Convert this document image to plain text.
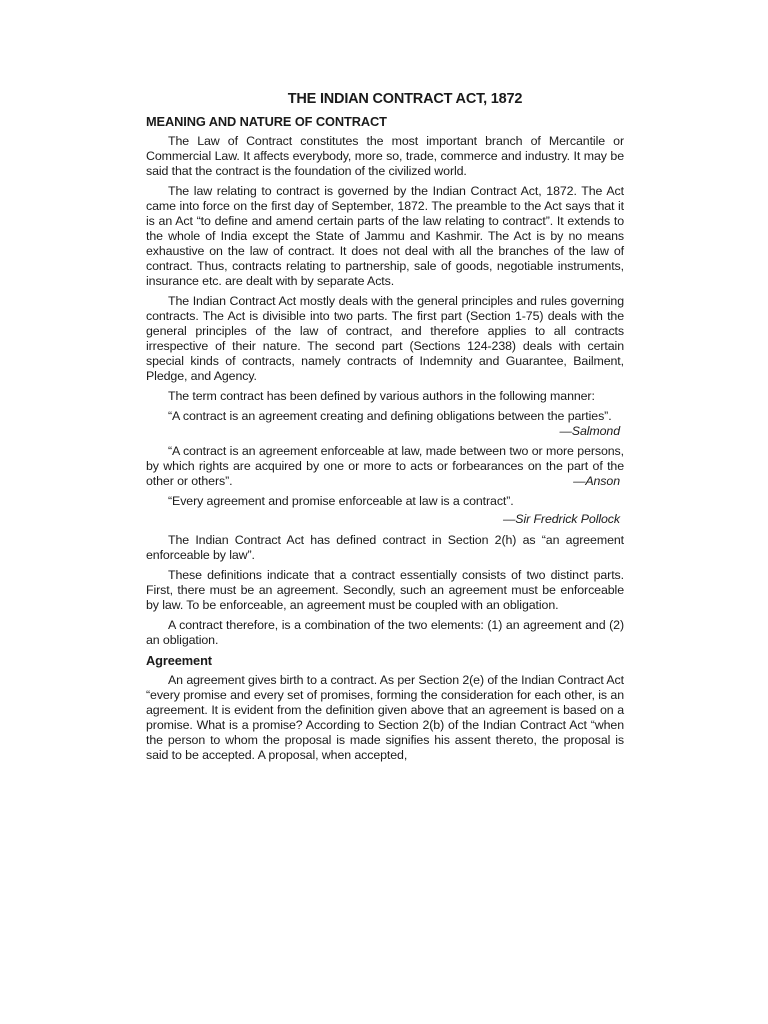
THE INDIAN CONTRACT ACT, 1872
MEANING AND NATURE OF CONTRACT

The Law of Contract constitutes the most important branch of Mercantile or Commercial Law. It affects everybody, more so, trade, commerce and industry. It may be said that the contract is the foundation of the civilized world.

The law relating to contract is governed by the Indian Contract Act, 1872. The Act came into force on the first day of September, 1872. The preamble to the Act says that it is an Act “to define and amend certain parts of the law relating to contract”. It extends to the whole of India except the State of Jammu and Kashmir. The Act is by no means exhaustive on the law of contract. It does not deal with all the branches of the law of contract. Thus, contracts relating to partnership, sale of goods, negotiable instruments, insurance etc. are dealt with by separate Acts.

The Indian Contract Act mostly deals with the general principles and rules governing contracts. The Act is divisible into two parts. The first part (Section 1-75) deals with the general principles of the law of contract, and therefore applies to all contracts irrespective of their nature. The second part (Sections 124-238) deals with certain special kinds of contracts, namely contracts of Indemnity and Guarantee, Bailment, Pledge, and Agency.

The term contract has been defined by various authors in the following manner:

“A contract is an agreement creating and defining obligations between the parties”.
—Salmond
“A contract is an agreement enforceable at law, made between two or more persons, by which rights are acquired by one or more to acts or forbearances on the part of the other or others”.	—Anson
“Every agreement and promise enforceable at law is a contract”.
—Sir Fredrick Pollock

The Indian Contract Act has defined contract in Section 2(h) as “an agreement enforceable by law”.

These definitions indicate that a contract essentially consists of two distinct parts. First, there must be an agreement. Secondly, such an agreement must be enforceable by law. To be enforceable, an agreement must be coupled with an obligation.

A contract therefore, is a combination of the two elements: (1) an agreement and (2) an obligation.

Agreement

An agreement gives birth to a contract. As per Section 2(e) of the Indian Contract Act “every promise and every set of promises, forming the consideration for each other, is an agreement. It is evident from the definition given above that an agreement is based on a promise. What is a promise? According to Section 2(b) of the Indian Contract Act “when the person to whom the proposal is made signifies his assent thereto, the proposal is said to be accepted. A proposal, when accepted,
